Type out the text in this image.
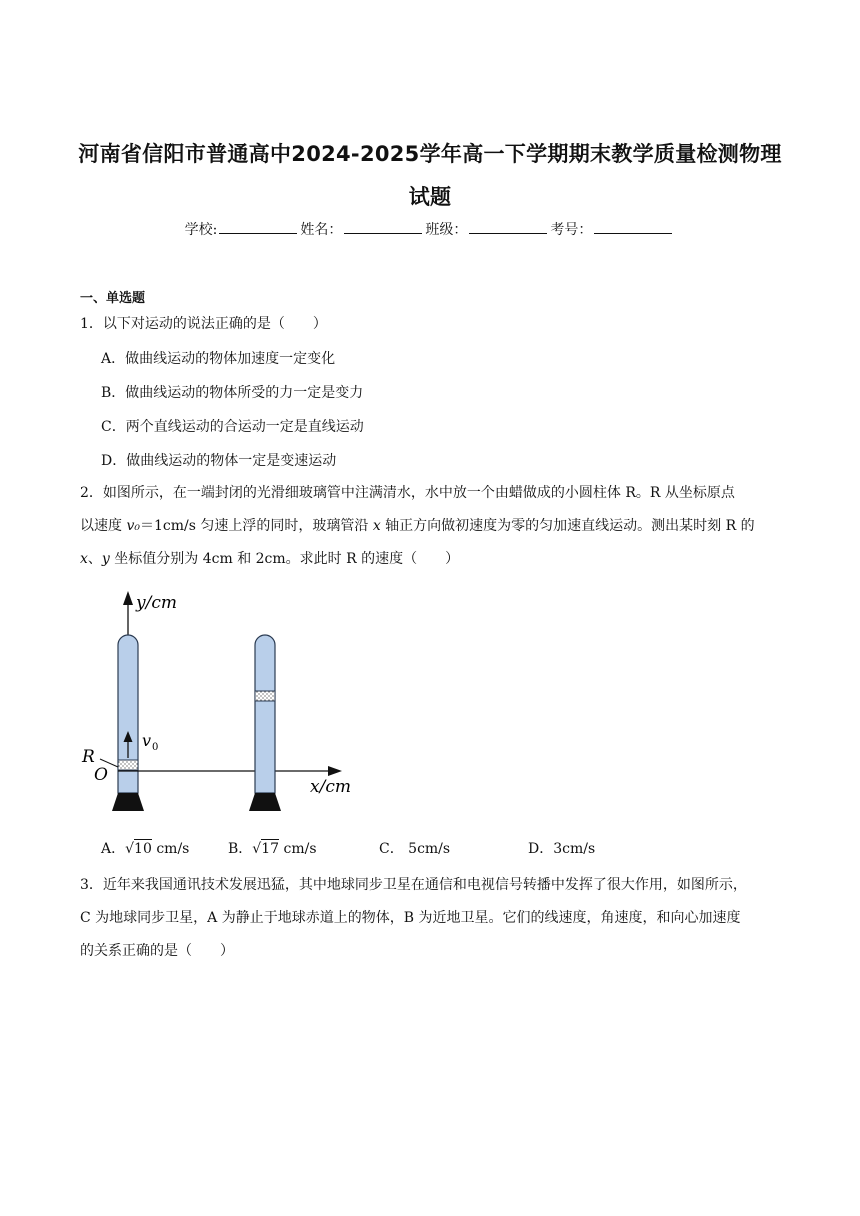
河南省信阳市普通高中2024-2025学年高一下学期期末教学质量检测物理
试题
学校:	姓名：	班级：	考号：
一、单选题
1．以下对运动的说法正确的是（　　）
A．做曲线运动的物体加速度一定变化
B．做曲线运动的物体所受的力一定是变力
C．两个直线运动的合运动一定是直线运动
D．做曲线运动的物体一定是变速运动
2．如图所示，在一端封闭的光滑细玻璃管中注满清水，水中放一个由蜡做成的小圆柱体 R。R 从坐标原点
以速度 v₀＝1cm/s 匀速上浮的同时，玻璃管沿 x 轴正方向做初速度为零的匀加速直线运动。测出某时刻 R 的
x、y 坐标值分别为 4cm 和 2cm。求此时 R 的速度（　　）
y/cm
v 0
R
O
x/cm
A．√10 cm/s	B．√17 cm/s	C． 5cm/s	D．3cm/s
3．近年来我国通讯技术发展迅猛，其中地球同步卫星在通信和电视信号转播中发挥了很大作用，如图所示，
C 为地球同步卫星，A 为静止于地球赤道上的物体，B 为近地卫星。它们的线速度，角速度，和向心加速度
的关系正确的是（　　）
